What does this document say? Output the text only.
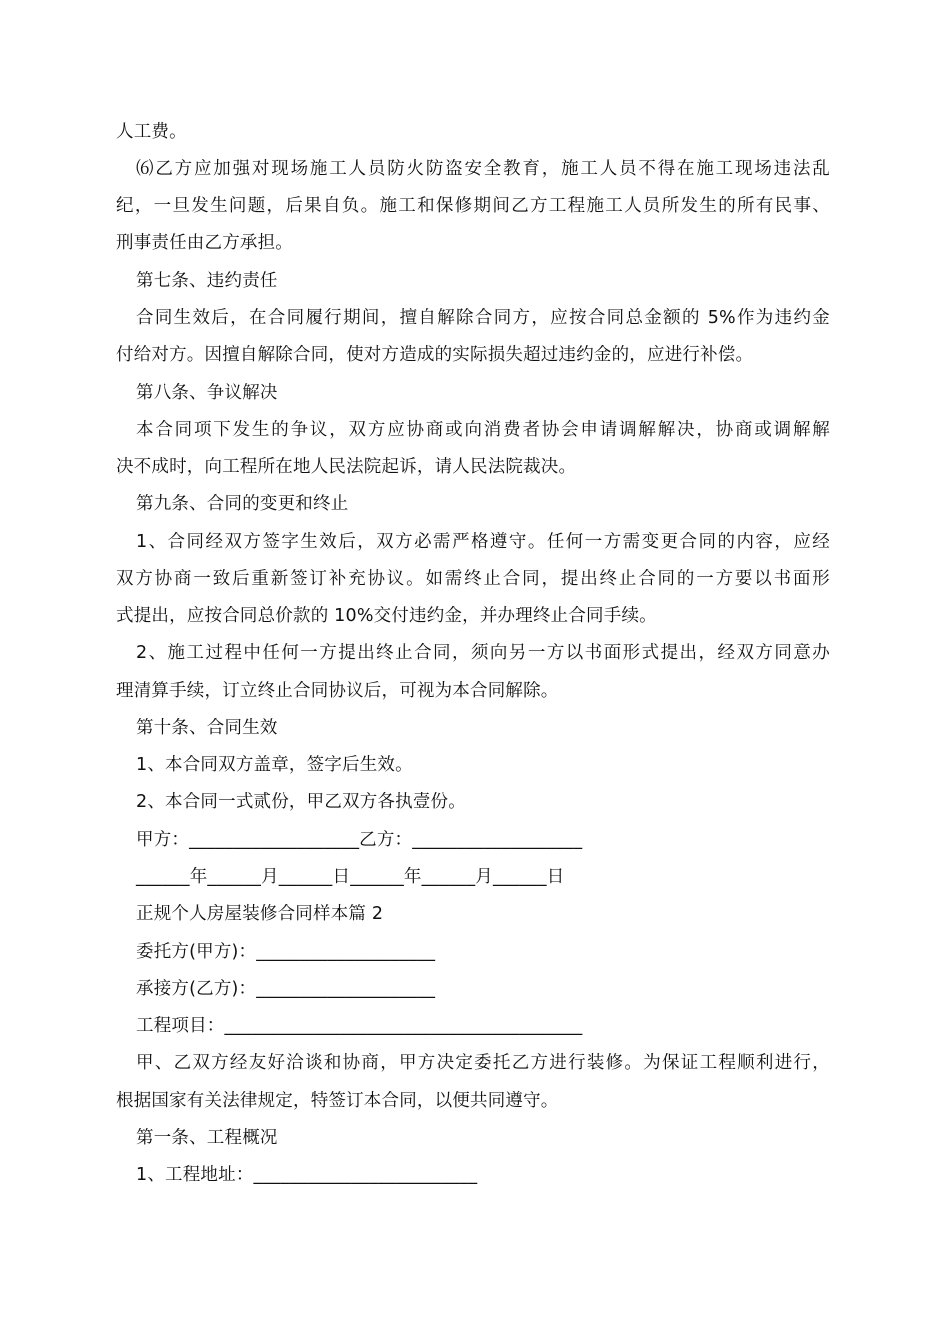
人工费。
⑹乙方应加强对现场施工人员防火防盗安全教育，施工人员不得在施工现场违法乱
纪，一旦发生问题，后果自负。施工和保修期间乙方工程施工人员所发生的所有民事、
刑事责任由乙方承担。
第七条、违约责任
合同生效后，在合同履行期间，擅自解除合同方，应按合同总金额的 5%作为违约金
付给对方。因擅自解除合同，使对方造成的实际损失超过违约金的，应进行补偿。
第八条、争议解决
本合同项下发生的争议，双方应协商或向消费者协会申请调解解决，协商或调解解
决不成时，向工程所在地人民法院起诉，请人民法院裁决。
第九条、合同的变更和终止
1、合同经双方签字生效后，双方必需严格遵守。任何一方需变更合同的内容，应经
双方协商一致后重新签订补充协议。如需终止合同，提出终止合同的一方要以书面形
式提出，应按合同总价款的 10%交付违约金，并办理终止合同手续。
2、施工过程中任何一方提出终止合同，须向另一方以书面形式提出，经双方同意办
理清算手续，订立终止合同协议后，可视为本合同解除。
第十条、合同生效
1、本合同双方盖章，签字后生效。
2、本合同一式贰份，甲乙双方各执壹份。
甲方：___________________乙方：___________________
______年______月______日______年______月______日
正规个人房屋装修合同样本篇 2
委托方(甲方)：____________________
承接方(乙方)：____________________
工程项目：________________________________________
甲、乙双方经友好洽谈和协商，甲方决定委托乙方进行装修。为保证工程顺利进行，
根据国家有关法律规定，特签订本合同，以便共同遵守。
第一条、工程概况
1、工程地址：_________________________
